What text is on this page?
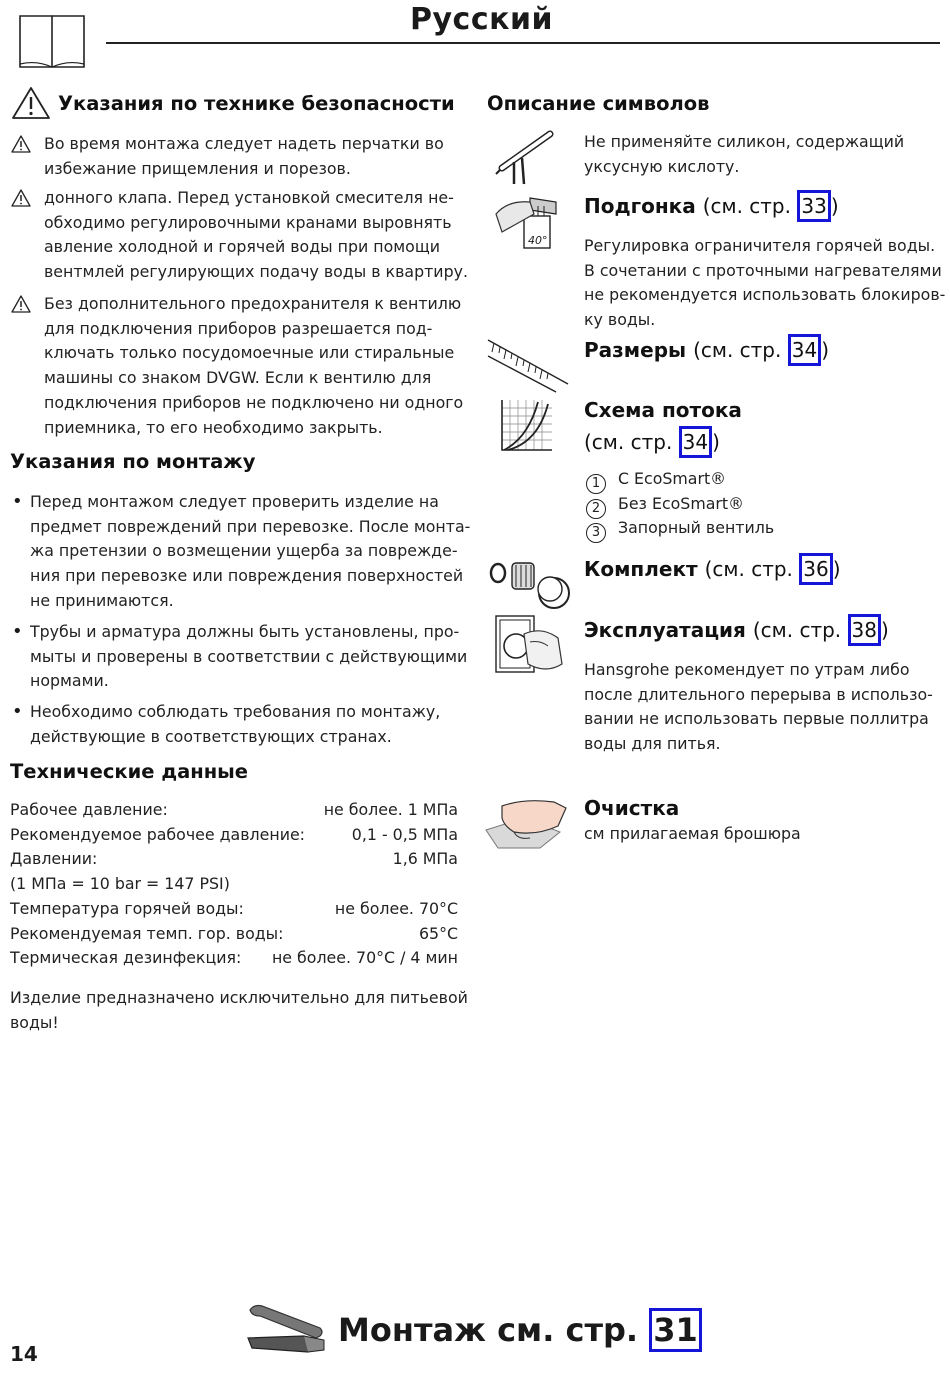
Русский
Указания по технике безопасности
Во время монтажа следует надеть перчатки во
избежание прищемления и порезов.
донного клапа. Перед установкой смесителя не-
обходимо регулировочными кранами выровнять
авление холодной и горячей воды при помощи
вентмлей регулирующих подачу воды в квартиру.
Без дополнительного предохранителя к вентилю
для подключения приборов разрешается под-
ключать только посудомоечные или стиральные
машины со знаком DVGW. Если к вентилю для
подключения приборов не подключено ни одного
приемника, то его необходимо закрыть.
Указания по монтажу
• Перед монтажом следует проверить изделие на
предмет повреждений при перевозке. После монта-
жа претензии о возмещении ущерба за поврежде-
ния при перевозке или повреждения поверхностей
не принимаются.
• Трубы и арматура должны быть установлены, про-
мыты и проверены в соответствии с действующими
нормами.
• Необходимо соблюдать требования по монтажу,
действующие в соответствующих странах.
Технические данные
Рабочее давление:	не более. 1 МПа
Рекомендуемое рабочее давление:	0,1 - 0,5 МПа
Давлении:	1,6 МПа
(1 МПа = 10 bar = 147 PSI)
Температура горячей воды:	не более. 70°C
Рекомендуемая темп. гор. воды:	65°C
Термическая дезинфекция: не более. 70°C / 4 мин
Изделие предназначено исключительно для питьевой
воды!
Описание символов
Не применяйте силикон, содержащий
уксусную кислоту.
40°
Подгонка (см. стр. 33 )
Регулировка ограничителя горячей воды.
В сочетании с проточными нагревателями
не рекомендуется использовать блокиров-
ку воды.
Размеры (см. стр. 34 )
Схема потока
(см. стр. 34 )
1 С EcoSmart®
2 Без EcoSmart®
3 Запорный вентиль
Комплект (см. стр. 36 )
Эксплуатация (см. стр. 38 )
Hansgrohe рекомендует по утрам либо
после длительного перерыва в использо-
вании не использовать первые поллитра
воды для питья.
Очистка
см прилагаемая брошюра
14
Монтаж см. стр. 31
